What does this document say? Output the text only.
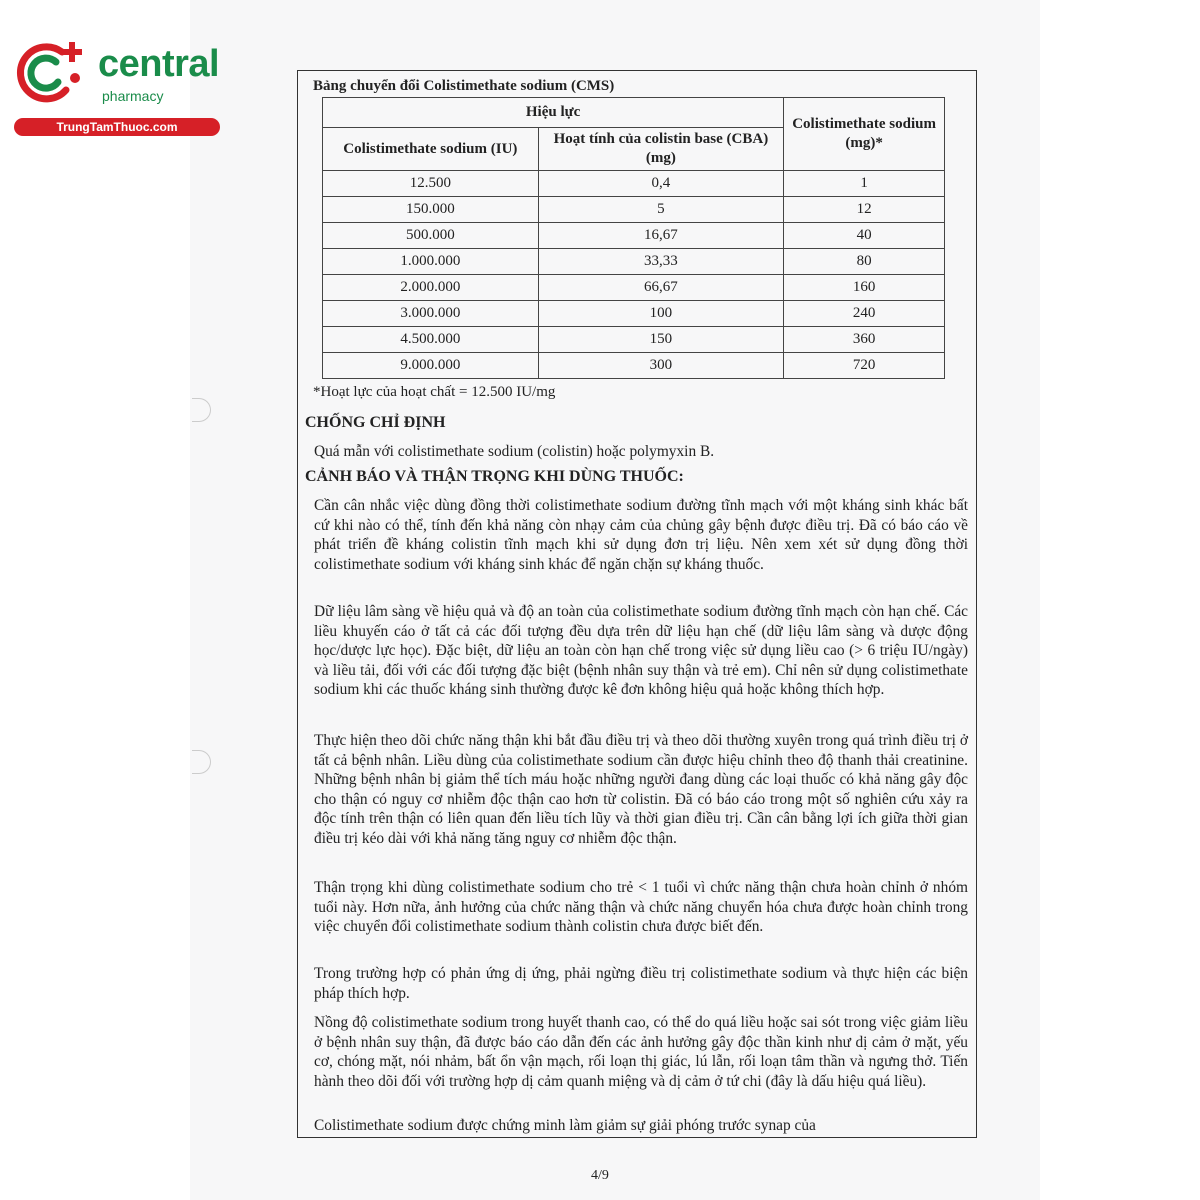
central
pharmacy
TrungTamThuoc.com
Bảng chuyển đổi Colistimethate sodium (CMS)
Hiệu lực		Colistimethate sodium (mg)*
Colistimethate sodium (IU)	Hoạt tính của colistin base (CBA) (mg)	
12.500	0,4	1
150.000	5	12
500.000	16,67	40
1.000.000	33,33	80
2.000.000	66,67	160
3.000.000	100	240
4.500.000	150	360
9.000.000	300	720
*Hoạt lực của hoạt chất = 12.500 IU/mg
CHỐNG CHỈ ĐỊNH
Quá mẫn với colistimethate sodium (colistin) hoặc polymyxin B.
CẢNH BÁO VÀ THẬN TRỌNG KHI DÙNG THUỐC:
Cần cân nhắc việc dùng đồng thời colistimethate sodium đường tĩnh mạch với một kháng sinh khác bất cứ khi nào có thể, tính đến khả năng còn nhạy cảm của chủng gây bệnh được điều trị. Đã có báo cáo về phát triển đề kháng colistin tĩnh mạch khi sử dụng đơn trị liệu. Nên xem xét sử dụng đồng thời colistimethate sodium với kháng sinh khác để ngăn chặn sự kháng thuốc.
Dữ liệu lâm sàng về hiệu quả và độ an toàn của colistimethate sodium đường tĩnh mạch còn hạn chế. Các liều khuyến cáo ở tất cả các đối tượng đều dựa trên dữ liệu hạn chế (dữ liệu lâm sàng và dược động học/dược lực học). Đặc biệt, dữ liệu an toàn còn hạn chế trong việc sử dụng liều cao (> 6 triệu IU/ngày) và liều tải, đối với các đối tượng đặc biệt (bệnh nhân suy thận và trẻ em). Chỉ nên sử dụng colistimethate sodium khi các thuốc kháng sinh thường được kê đơn không hiệu quả hoặc không thích hợp.
Thực hiện theo dõi chức năng thận khi bắt đầu điều trị và theo dõi thường xuyên trong quá trình điều trị ở tất cả bệnh nhân. Liều dùng của colistimethate sodium cần được hiệu chỉnh theo độ thanh thải creatinine. Những bệnh nhân bị giảm thể tích máu hoặc những người đang dùng các loại thuốc có khả năng gây độc cho thận có nguy cơ nhiễm độc thận cao hơn từ colistin. Đã có báo cáo trong một số nghiên cứu xảy ra độc tính trên thận có liên quan đến liều tích lũy và thời gian điều trị. Cần cân bằng lợi ích giữa thời gian điều trị kéo dài với khả năng tăng nguy cơ nhiễm độc thận.
Thận trọng khi dùng colistimethate sodium cho trẻ < 1 tuổi vì chức năng thận chưa hoàn chỉnh ở nhóm tuổi này. Hơn nữa, ảnh hưởng của chức năng thận và chức năng chuyển hóa chưa được hoàn chỉnh trong việc chuyển đổi colistimethate sodium thành colistin chưa được biết đến.
Trong trường hợp có phản ứng dị ứng, phải ngừng điều trị colistimethate sodium và thực hiện các biện pháp thích hợp.
Nồng độ colistimethate sodium trong huyết thanh cao, có thể do quá liều hoặc sai sót trong việc giảm liều ở bệnh nhân suy thận, đã được báo cáo dẫn đến các ảnh hưởng gây độc thần kinh như dị cảm ở mặt, yếu cơ, chóng mặt, nói nhảm, bất ổn vận mạch, rối loạn thị giác, lú lẫn, rối loạn tâm thần và ngưng thở. Tiến hành theo dõi đối với trường hợp dị cảm quanh miệng và dị cảm ở tứ chi (đây là dấu hiệu quá liều).
Colistimethate sodium được chứng minh làm giảm sự giải phóng trước synap của
4/9
